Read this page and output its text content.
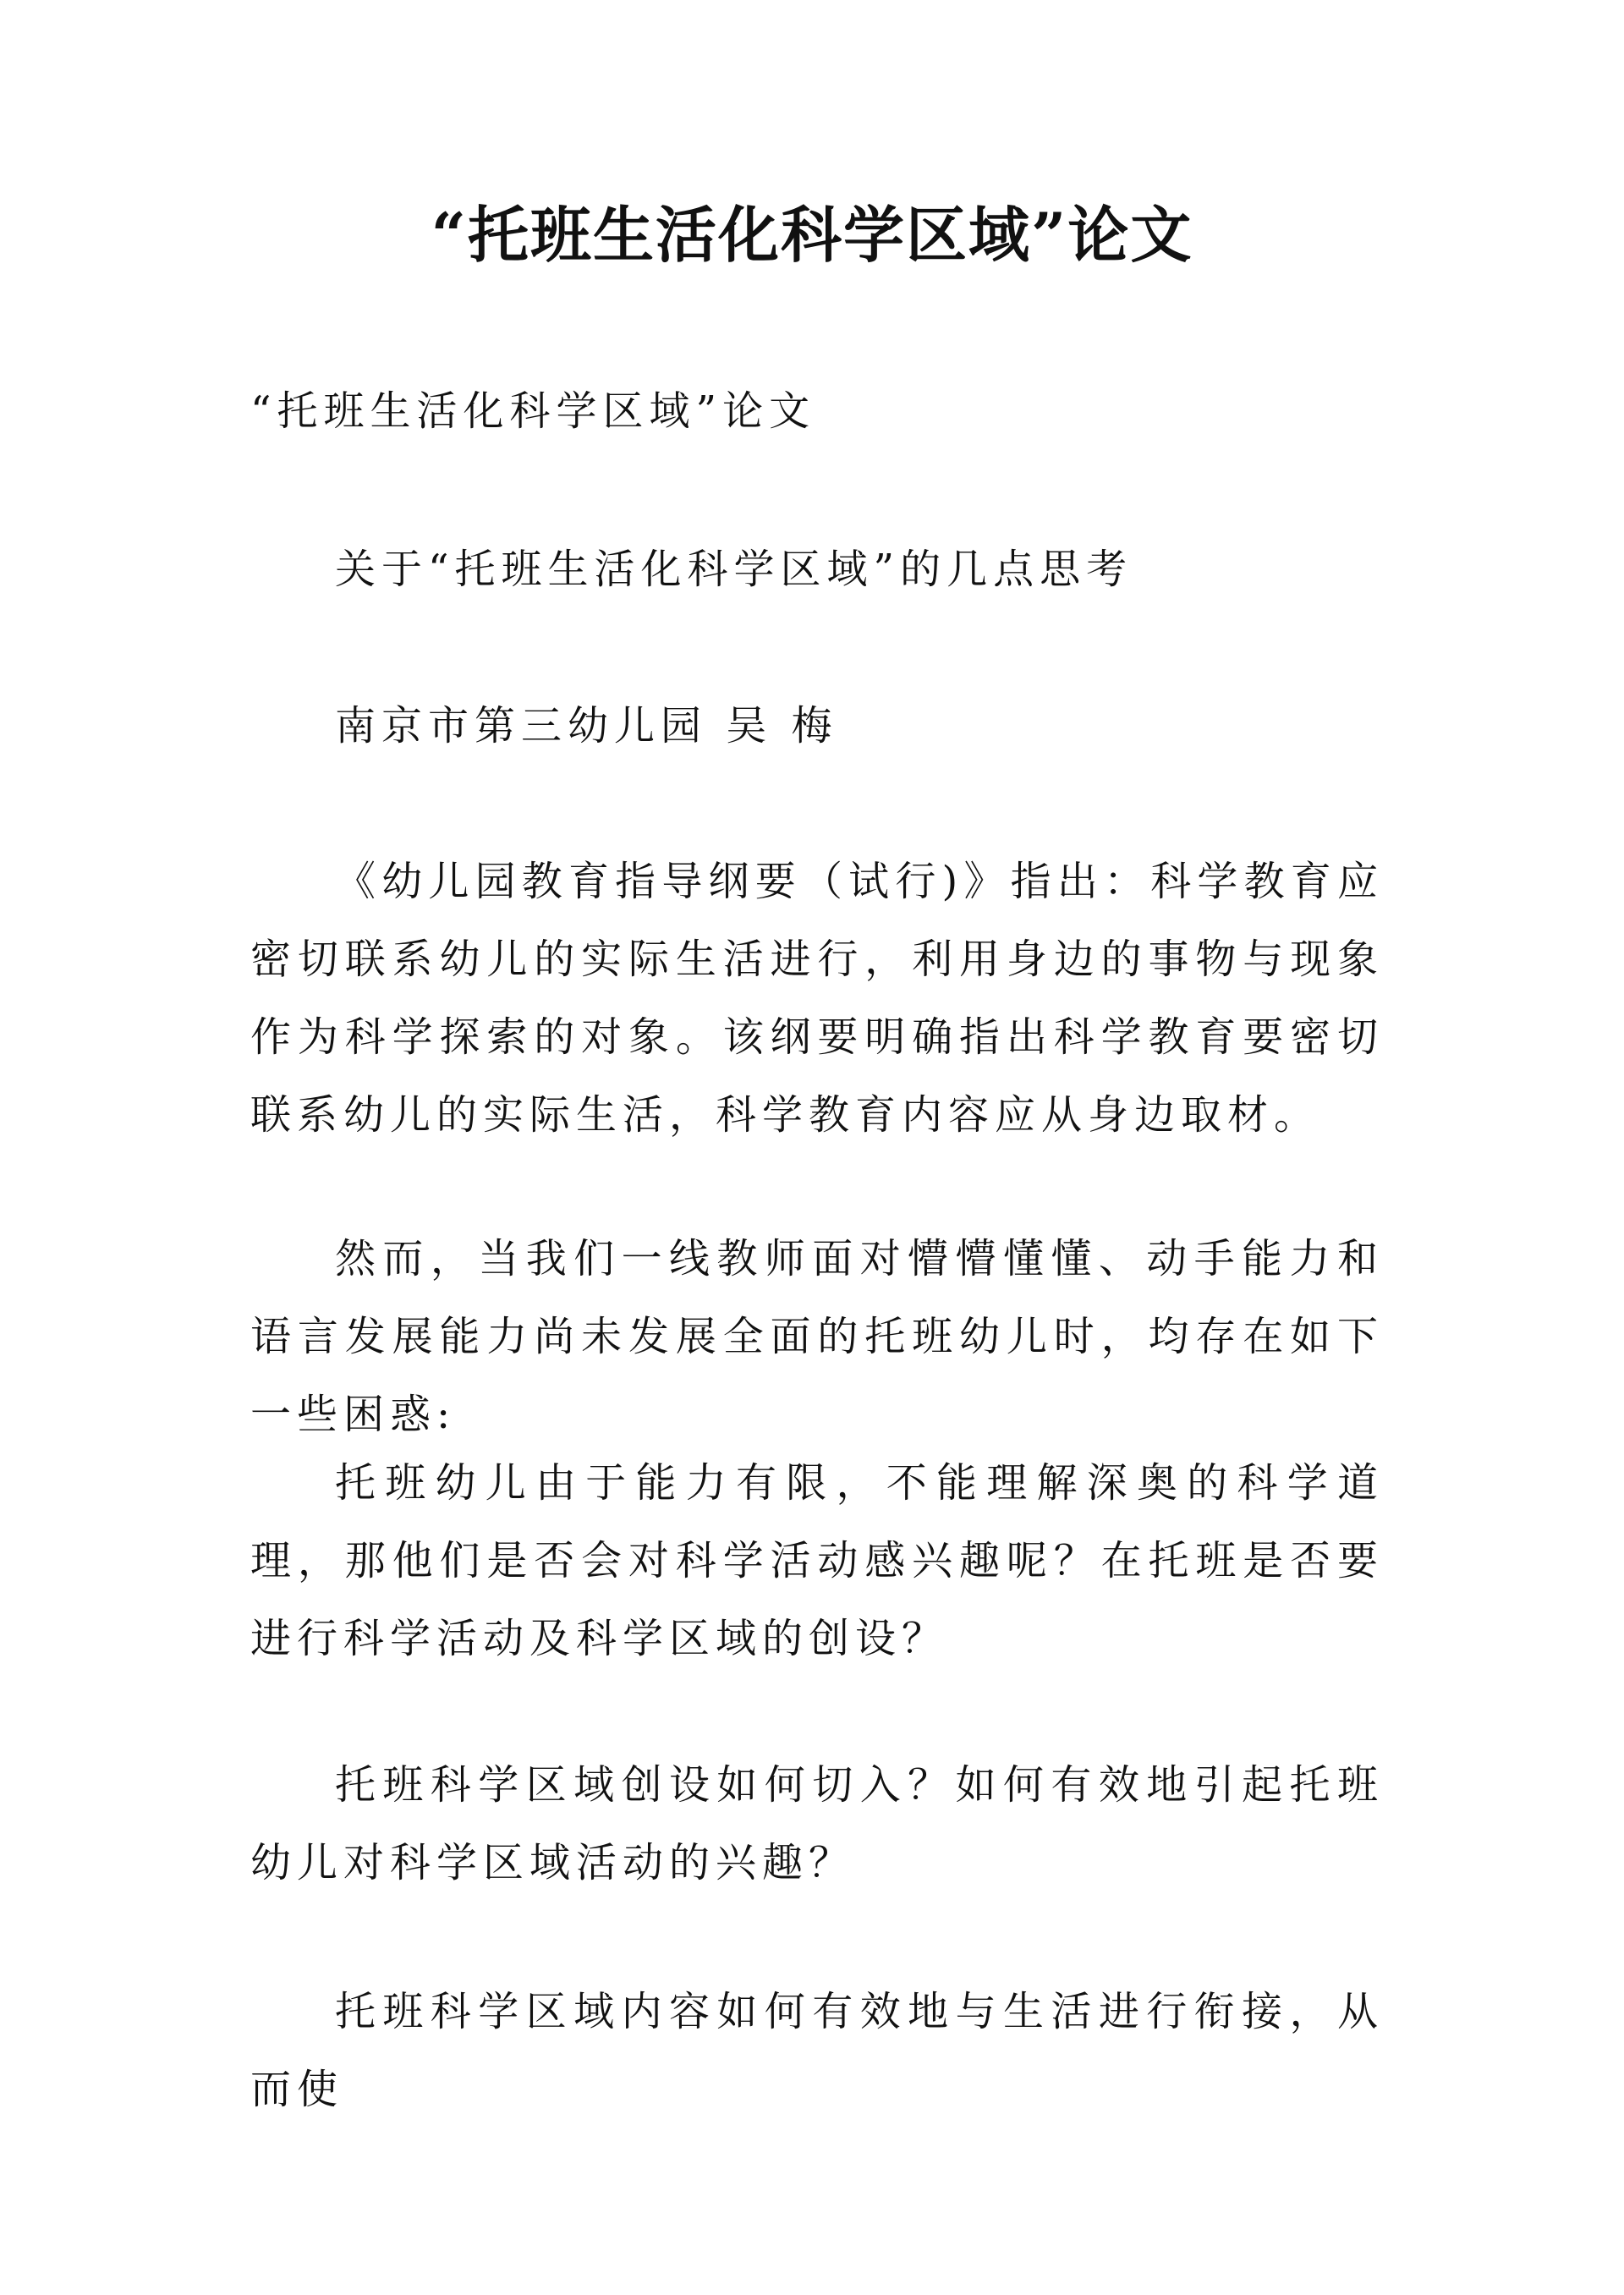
“托班生活化科学区域”论文

“托班生活化科学区域”论文

关于“托班生活化科学区域”的几点思考

南京市第三幼儿园 吴 梅

《幼儿园教育指导纲要（试行)》指出：科学教育应密切联系幼儿的实际生活进行，利用身边的事物与现象作为科学探索的对象。该纲要明确指出科学教育要密切联系幼儿的实际生活，科学教育内容应从身边取材。

然而，当我们一线教师面对懵懵懂懂、动手能力和语言发展能力尚未发展全面的托班幼儿时，均存在如下一些困惑:

托班幼儿由于能力有限，不能理解深奥的科学道理，那他们是否会对科学活动感兴趣呢？在托班是否要进行科学活动及科学区域的创设？

托班科学区域创设如何切入？如何有效地引起托班幼儿对科学区域活动的兴趣？

托班科学区域内容如何有效地与生活进行衔接，从而使
